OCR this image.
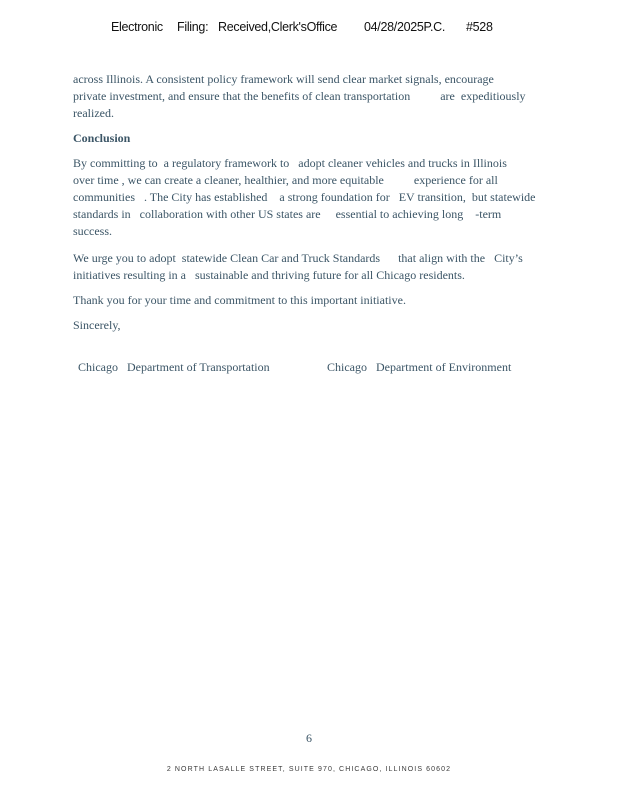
Electronic Filing: Received,Clerk'sOffice 04/28/2025P.C. #528

across Illinois. A consistent policy framework will send clear market signals, encourage
private investment, and ensure that the benefits of clean transportation          are  expeditiously
realized.

Conclusion

By committing to  a regulatory framework to   adopt cleaner vehicles and trucks in Illinois
over time , we can create a cleaner, healthier, and more equitable          experience for all
communities   . The City has established    a strong foundation for   EV transition,  but statewide
standards in   collaboration with other US states are     essential to achieving long    -term
success.

We urge you to adopt  statewide Clean Car and Truck Standards      that align with the   City’s
initiatives resulting in a   sustainable and thriving future for all Chicago residents.

Thank you for your time and commitment to this important initiative.

Sincerely,

Chicago   Department of Transportation	Chicago   Department of Environment
6
2 NORTH LASALLE STREET, SUITE 970, CHICAGO, ILLINOIS 60602
